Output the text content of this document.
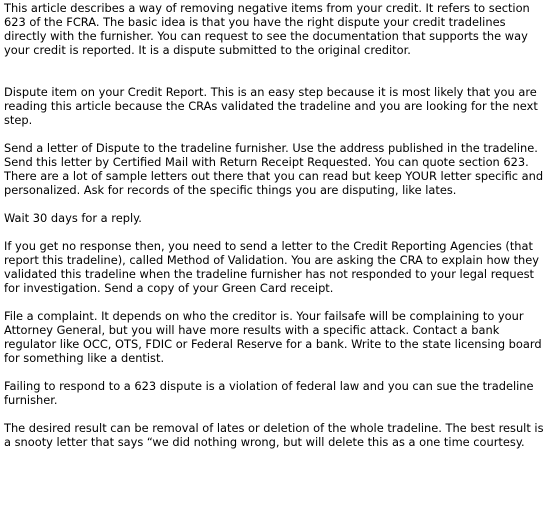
This article describes a way of removing negative items from your credit. It refers to section 623 of the FCRA. The basic idea is that you have the right dispute your credit tradelines directly with the furnisher. You can request to see the documentation that supports the way your credit is reported. It is a dispute submitted to the original creditor.

Dispute item on your Credit Report. This is an easy step because it is most likely that you are reading this article because the CRAs validated the tradeline and you are looking for the next step.

Send a letter of Dispute to the tradeline furnisher. Use the address published in the tradeline. Send this letter by Certified Mail with Return Receipt Requested. You can quote section 623. There are a lot of sample letters out there that you can read but keep YOUR letter specific and personalized. Ask for records of the specific things you are disputing, like lates.

Wait 30 days for a reply.

If you get no response then, you need to send a letter to the Credit Reporting Agencies (that report this tradeline), called Method of Validation. You are asking the CRA to explain how they validated this tradeline when the tradeline furnisher has not responded to your legal request for investigation. Send a copy of your Green Card receipt.

File a complaint. It depends on who the creditor is. Your failsafe will be complaining to your Attorney General, but you will have more results with a specific attack. Contact a bank regulator like OCC, OTS, FDIC or Federal Reserve for a bank. Write to the state licensing board for something like a dentist.

Failing to respond to a 623 dispute is a violation of federal law and you can sue the tradeline furnisher.

The desired result can be removal of lates or deletion of the whole tradeline. The best result is a snooty letter that says “we did nothing wrong, but will delete this as a one time courtesy.
